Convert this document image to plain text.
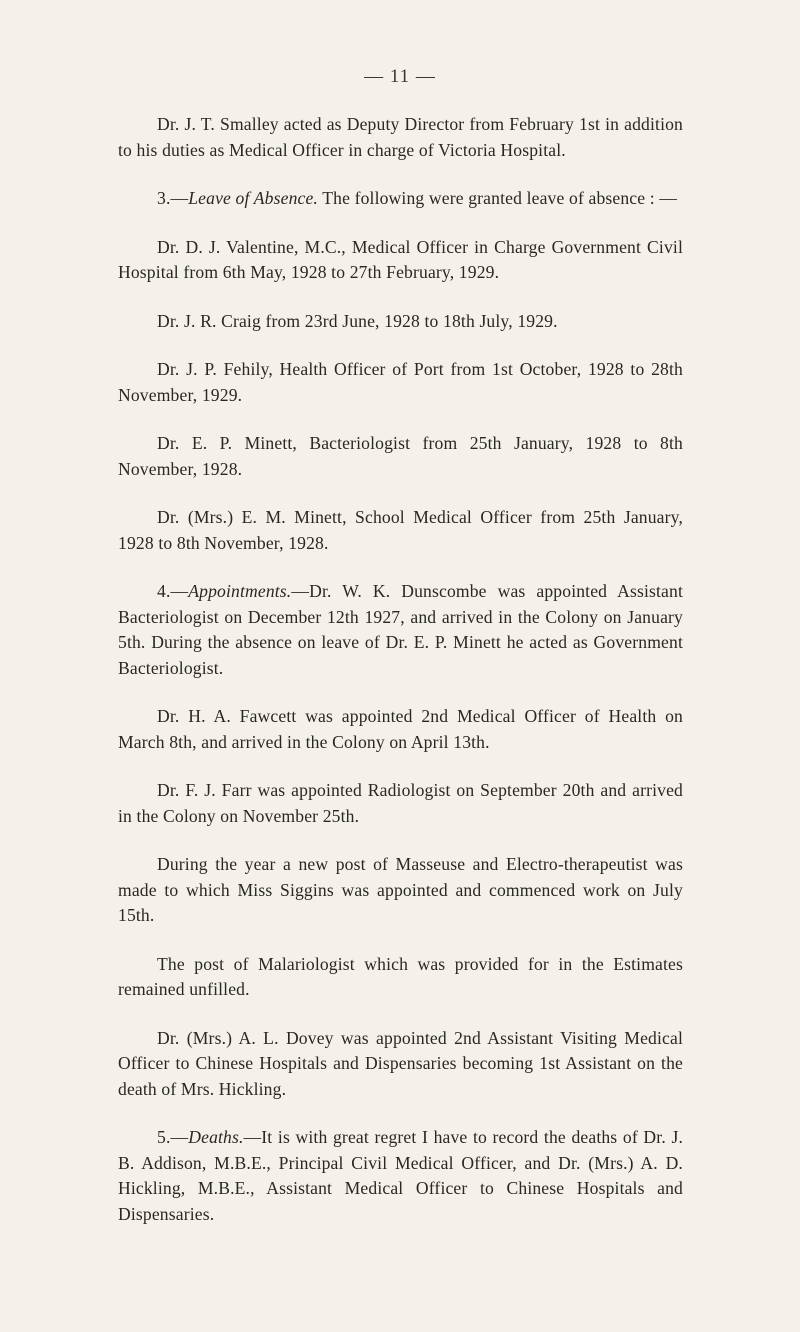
— 11 —

Dr. J. T. Smalley acted as Deputy Director from February 1st in addition to his duties as Medical Officer in charge of Victoria Hospital.

3.—Leave of Absence. The following were granted leave of absence : —

Dr. D. J. Valentine, M.C., Medical Officer in Charge Government Civil Hospital from 6th May, 1928 to 27th February, 1929.

Dr. J. R. Craig from 23rd June, 1928 to 18th July, 1929.

Dr. J. P. Fehily, Health Officer of Port from 1st October, 1928 to 28th November, 1929.

Dr. E. P. Minett, Bacteriologist from 25th January, 1928 to 8th November, 1928.

Dr. (Mrs.) E. M. Minett, School Medical Officer from 25th January, 1928 to 8th November, 1928.

4.—Appointments.—Dr. W. K. Dunscombe was appointed Assistant Bacteriologist on December 12th 1927, and arrived in the Colony on January 5th. During the absence on leave of Dr. E. P. Minett he acted as Government Bacteriologist.

Dr. H. A. Fawcett was appointed 2nd Medical Officer of Health on March 8th, and arrived in the Colony on April 13th.

Dr. F. J. Farr was appointed Radiologist on September 20th and arrived in the Colony on November 25th.

During the year a new post of Masseuse and Electro-therapeutist was made to which Miss Siggins was appointed and commenced work on July 15th.

The post of Malariologist which was provided for in the Estimates remained unfilled.

Dr. (Mrs.) A. L. Dovey was appointed 2nd Assistant Visiting Medical Officer to Chinese Hospitals and Dispensaries becoming 1st Assistant on the death of Mrs. Hickling.

5.—Deaths.—It is with great regret I have to record the deaths of Dr. J. B. Addison, M.B.E., Principal Civil Medical Officer, and Dr. (Mrs.) A. D. Hickling, M.B.E., Assistant Medical Officer to Chinese Hospitals and Dispensaries.
